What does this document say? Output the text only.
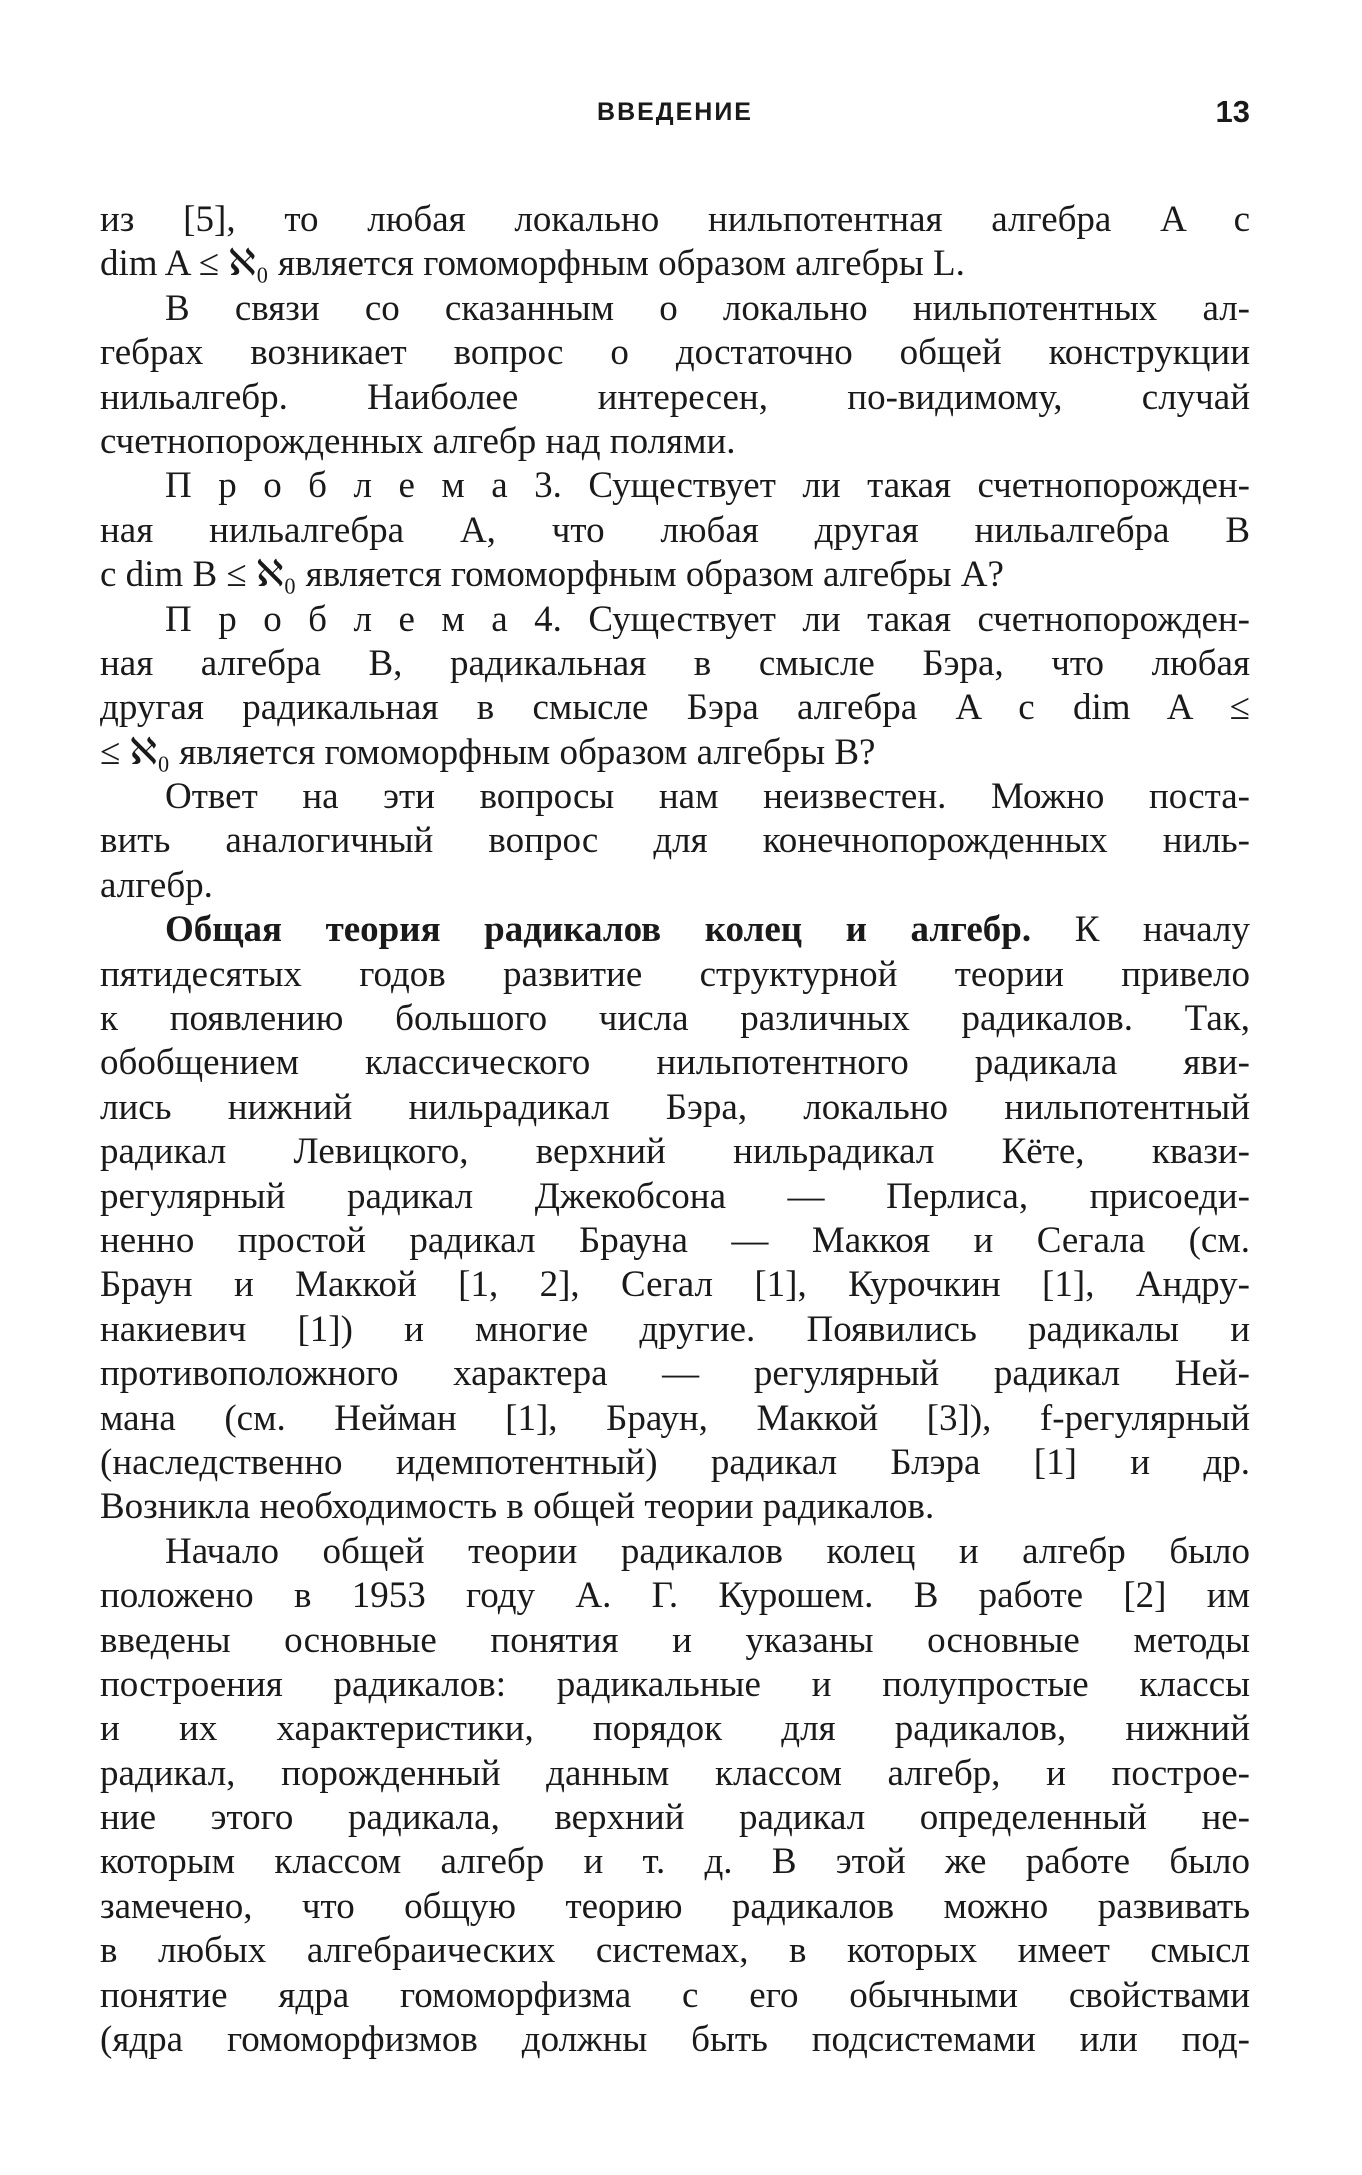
ВВЕДЕНИЕ	13
из [5], то любая локально нильпотентная алгебра A с
dim A ≤ ℵ₀ является гомоморфным образом алгебры L.
В связи со сказанным о локально нильпотентных ал-
гебрах возникает вопрос о достаточно общей конструкции
нильалгебр. Наиболее интересен, по-видимому, случай
счетнопорожденных алгебр над полями.
П р о б л е м а 3. Существует ли такая счетнопорожден-
ная нильалгебра A, что любая другая нильалгебра B
с dim B ≤ ℵ₀ является гомоморфным образом алгебры A?
П р о б л е м а 4. Существует ли такая счетнопорожден-
ная алгебра B, радикальная в смысле Бэра, что любая
другая радикальная в смысле Бэра алгебра A с dim A ≤
≤ ℵ₀ является гомоморфным образом алгебры B?
Ответ на эти вопросы нам неизвестен. Можно поста-
вить аналогичный вопрос для конечнопорожденных ниль-
алгебр.
Общая теория радикалов колец и алгебр. К началу
пятидесятых годов развитие структурной теории привело
к появлению большого числа различных радикалов. Так,
обобщением классического нильпотентного радикала яви-
лись нижний нильрадикал Бэра, локально нильпотентный
радикал Левицкого, верхний нильрадикал Кёте, квази-
регулярный радикал Джекобсона — Перлиса, присоеди-
ненно простой радикал Брауна — Маккоя и Сегала (см.
Браун и Маккой [1, 2], Сегал [1], Курочкин [1], Андру-
накиевич [1]) и многие другие. Появились радикалы и
противоположного характера — регулярный радикал Ней-
мана (см. Нейман [1], Браун, Маккой [3]), f-регулярный
(наследственно идемпотентный) радикал Блэра [1] и др.
Возникла необходимость в общей теории радикалов.
Начало общей теории радикалов колец и алгебр было
положено в 1953 году А. Г. Курошем. В работе [2] им
введены основные понятия и указаны основные методы
построения радикалов: радикальные и полупростые классы
и их характеристики, порядок для радикалов, нижний
радикал, порожденный данным классом алгебр, и построе-
ние этого радикала, верхний радикал определенный не-
которым классом алгебр и т. д. В этой же работе было
замечено, что общую теорию радикалов можно развивать
в любых алгебраических системах, в которых имеет смысл
понятие ядра гомоморфизма с его обычными свойствами
(ядра гомоморфизмов должны быть подсистемами или под-
